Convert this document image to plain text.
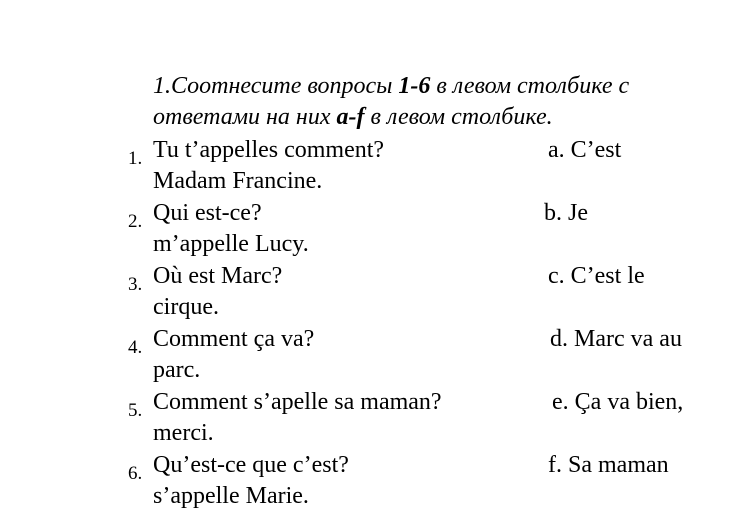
1.Соотнесите вопросы 1-6 в левом столбике с ответами на них a-f в левом столбике.
1. Tu t’appelles comment?	a. C’est
Madam Francine.
2. Qui est-ce?	b. Je
m’appelle Lucy.
3. Où est Marc?	c. C’est le
cirque.
4. Comment ça va?	d. Marc va au
parc.
5. Comment s’apelle sa maman?	e. Ça va bien,
merci.
6. Qu’est-ce que c’est?	f. Sa maman
s’appelle Marie.
